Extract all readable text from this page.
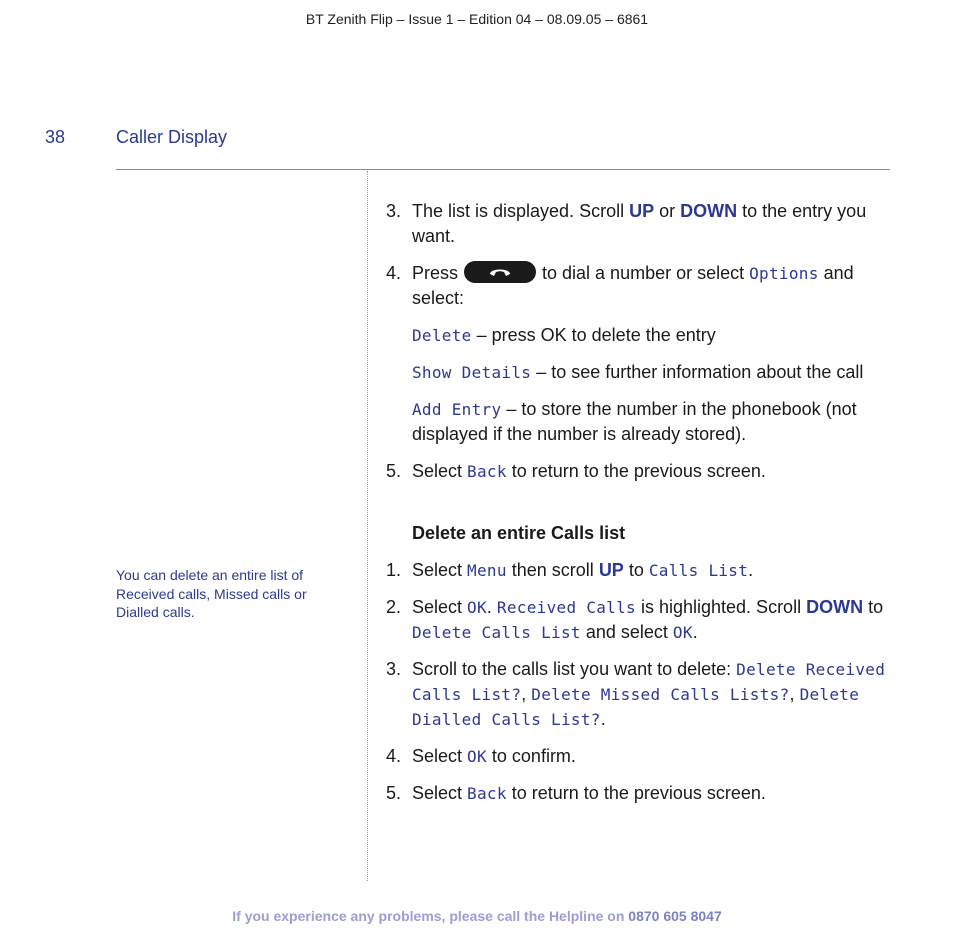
BT Zenith Flip – Issue 1 – Edition 04 – 08.09.05 – 6861
38	Caller Display
You can delete an entire list of Received calls, Missed calls or Dialled calls.
3. The list is displayed. Scroll UP or DOWN to the entry you want.
4. Press	to dial a number or select Options and select:
Delete – press OK to delete the entry
Show Details – to see further information about the call
Add Entry – to store the number in the phonebook (not displayed if the number is already stored).
5. Select Back to return to the previous screen.
Delete an entire Calls list
1. Select Menu then scroll UP to Calls List.
2. Select OK. Received Calls is highlighted. Scroll DOWN to Delete Calls List and select OK.
3. Scroll to the calls list you want to delete: Delete Received Calls List?, Delete Missed Calls Lists?, Delete Dialled Calls List?.
4. Select OK to confirm.
5. Select Back to return to the previous screen.
If you experience any problems, please call the Helpline on 0870 605 8047
